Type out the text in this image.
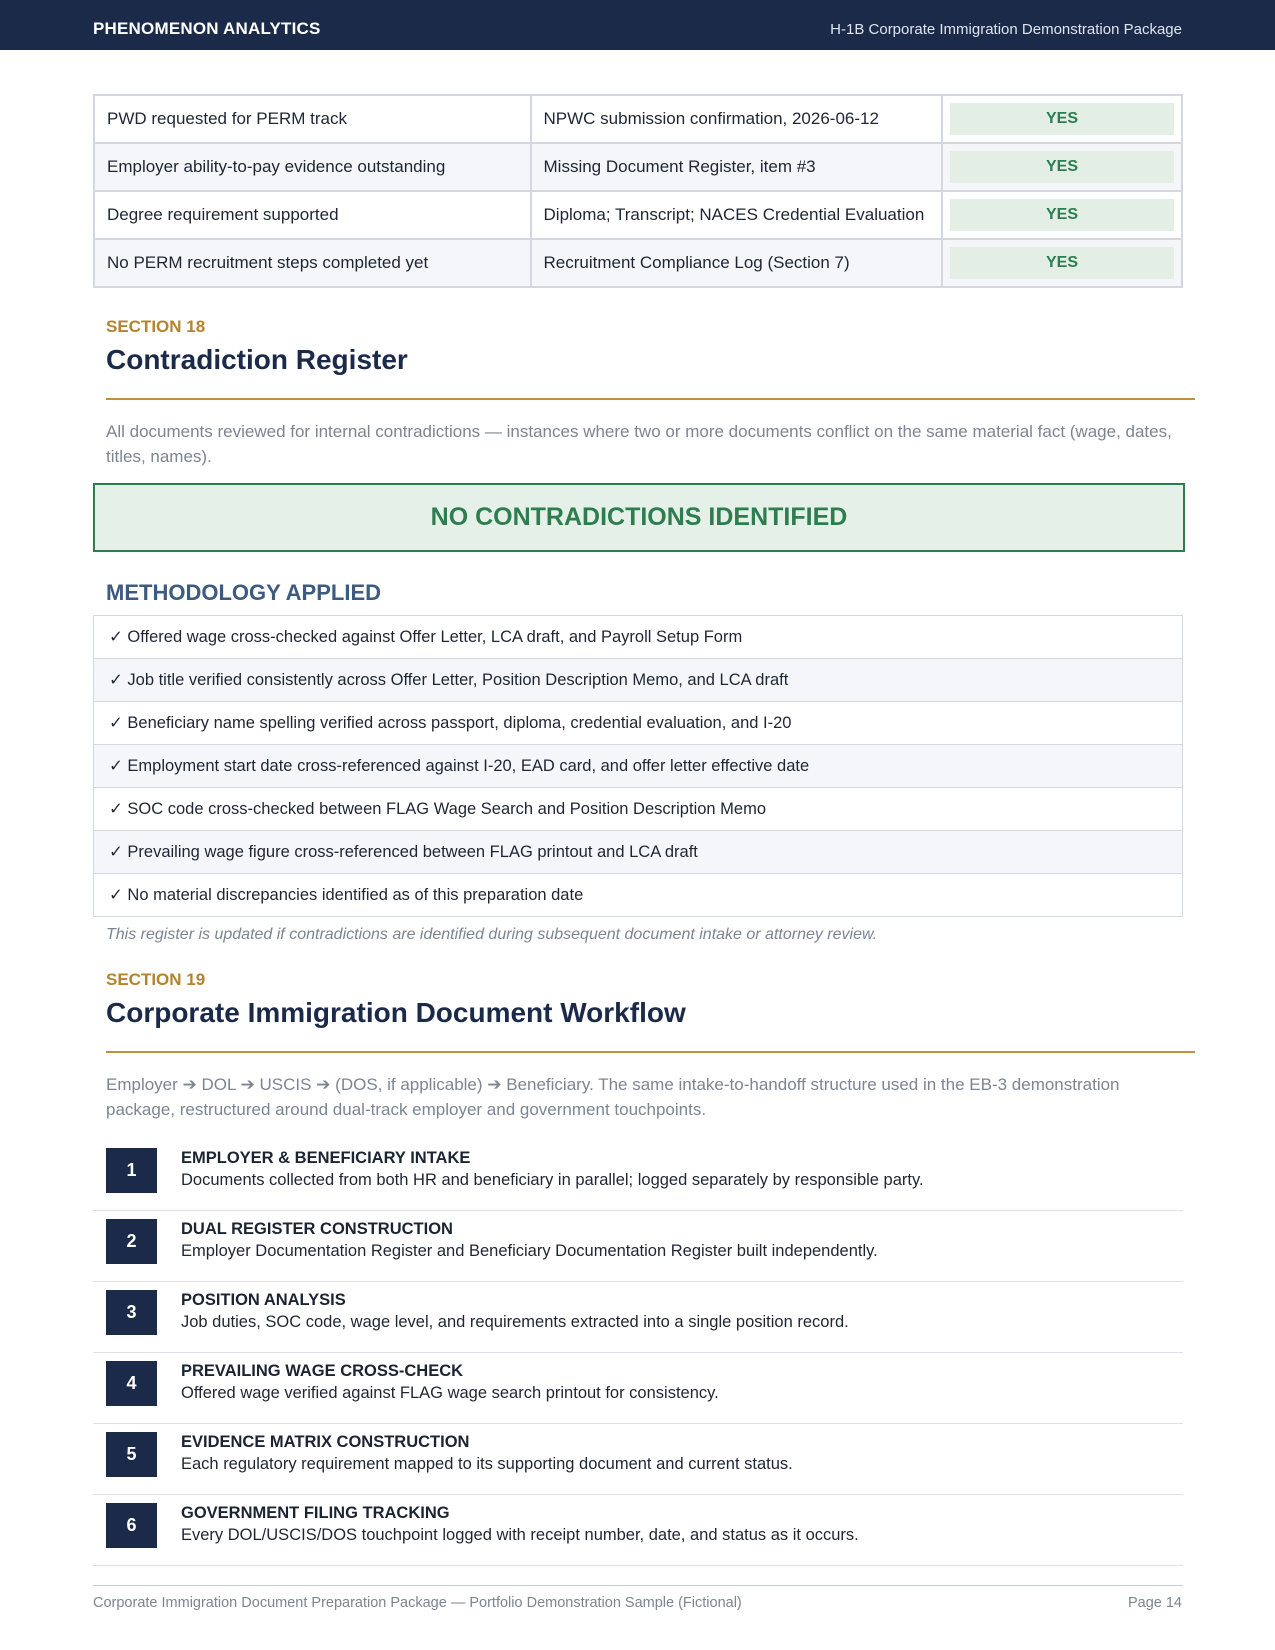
PHENOMENON ANALYTICS	H-1B Corporate Immigration Demonstration Package
PWD requested for PERM track	NPWC submission confirmation, 2026-06-12	YES

Employer ability-to-pay evidence outstanding	Missing Document Register, item #3	YES

Degree requirement supported	Diploma; Transcript; NACES Credential Evaluation	YES

No PERM recruitment steps completed yet	Recruitment Compliance Log (Section 7)	YES
SECTION 18
Contradiction Register
All documents reviewed for internal contradictions — instances where two or more documents conflict on the same material fact (wage, dates, titles, names).
NO CONTRADICTIONS IDENTIFIED
METHODOLOGY APPLIED
✓ Offered wage cross-checked against Offer Letter, LCA draft, and Payroll Setup Form
✓ Job title verified consistently across Offer Letter, Position Description Memo, and LCA draft
✓ Beneficiary name spelling verified across passport, diploma, credential evaluation, and I-20
✓ Employment start date cross-referenced against I-20, EAD card, and offer letter effective date
✓ SOC code cross-checked between FLAG Wage Search and Position Description Memo
✓ Prevailing wage figure cross-referenced between FLAG printout and LCA draft
✓ No material discrepancies identified as of this preparation date
This register is updated if contradictions are identified during subsequent document intake or attorney review.
SECTION 19
Corporate Immigration Document Workflow
Employer ➔ DOL ➔ USCIS ➔ (DOS, if applicable) ➔ Beneficiary. The same intake-to-handoff structure used in the EB-3 demonstration package, restructured around dual-track employer and government touchpoints.
1
EMPLOYER & BENEFICIARY INTAKE
Documents collected from both HR and beneficiary in parallel; logged separately by responsible party.
2
DUAL REGISTER CONSTRUCTION
Employer Documentation Register and Beneficiary Documentation Register built independently.
3
POSITION ANALYSIS
Job duties, SOC code, wage level, and requirements extracted into a single position record.
4
PREVAILING WAGE CROSS-CHECK
Offered wage verified against FLAG wage search printout for consistency.
5
EVIDENCE MATRIX CONSTRUCTION
Each regulatory requirement mapped to its supporting document and current status.
6
GOVERNMENT FILING TRACKING
Every DOL/USCIS/DOS touchpoint logged with receipt number, date, and status as it occurs.
Corporate Immigration Document Preparation Package — Portfolio Demonstration Sample (Fictional)	Page 14
